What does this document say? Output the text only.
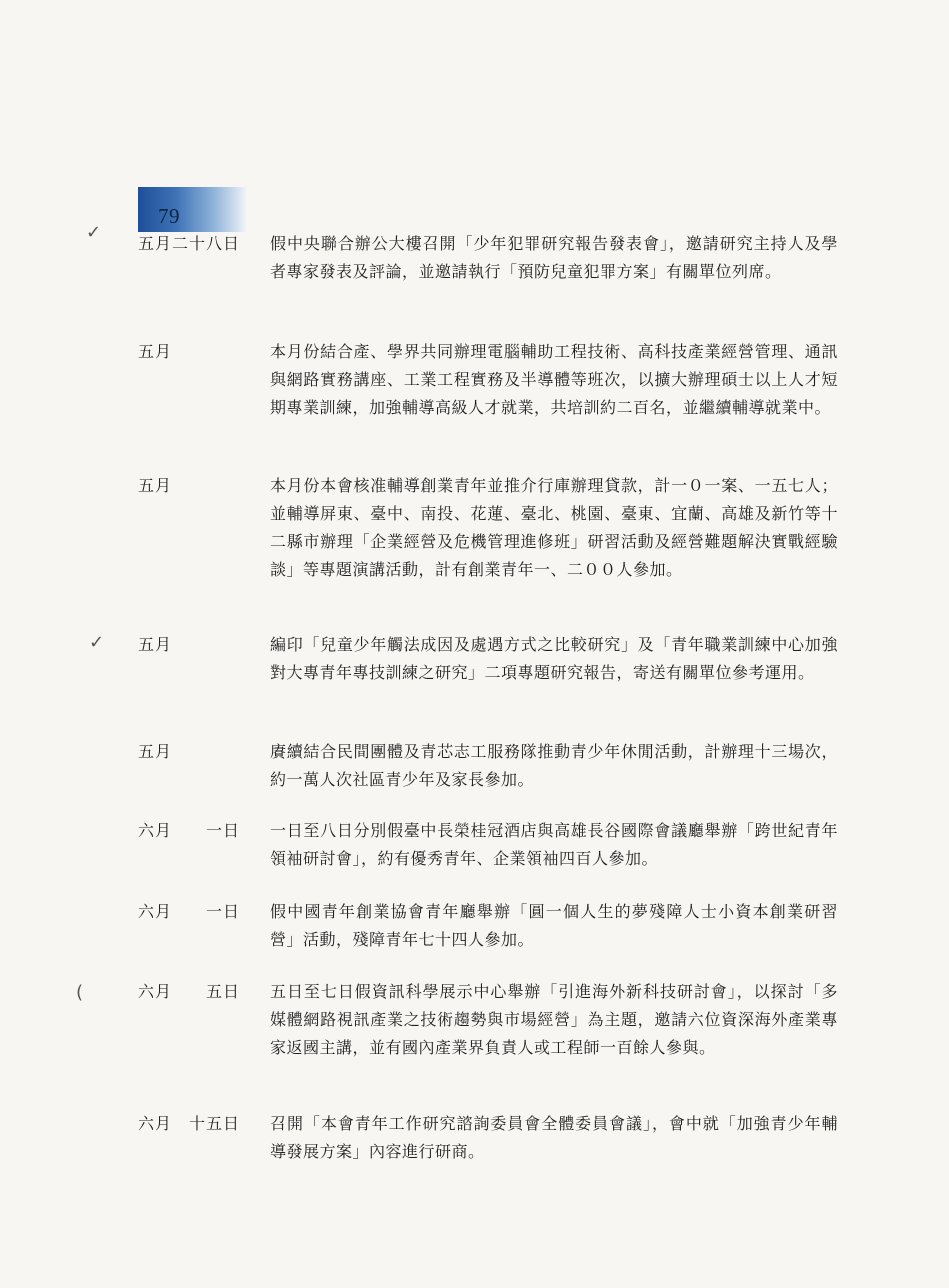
79
✓
✓
(
五月二十八日 假中央聯合辦公大樓召開「少年犯罪研究報告發表會」，邀請研究主持人及學者專家發表及評論，並邀請執行「預防兒童犯罪方案」有關單位列席。
五月	本月份結合產、學界共同辦理電腦輔助工程技術、高科技產業經營管理、通訊與網路實務講座、工業工程實務及半導體等班次，以擴大辦理碩士以上人才短期專業訓練，加強輔導高級人才就業，共培訓約二百名，並繼續輔導就業中。
五月	本月份本會核准輔導創業青年並推介行庫辦理貸款，計一０一案、一五七人；並輔導屏東、臺中、南投、花蓮、臺北、桃園、臺東、宜蘭、高雄及新竹等十二縣市辦理「企業經營及危機管理進修班」研習活動及經營難題解決實戰經驗談」等專題演講活動，計有創業青年一、二００人參加。
五月	編印「兒童少年觸法成因及處遇方式之比較研究」及「青年職業訓練中心加強對大專青年專技訓練之研究」二項專題研究報告，寄送有關單位參考運用。
五月	賡續結合民間團體及青芯志工服務隊推動青少年休閒活動，計辦理十三場次，約一萬人次社區青少年及家長參加。
六月　　一日 一日至八日分別假臺中長榮桂冠酒店與高雄長谷國際會議廳舉辦「跨世紀青年領袖研討會」，約有優秀青年、企業領袖四百人參加。
六月　　一日 假中國青年創業協會青年廳舉辦「圓一個人生的夢殘障人士小資本創業研習營」活動，殘障青年七十四人參加。
六月　　五日 五日至七日假資訊科學展示中心舉辦「引進海外新科技研討會」，以探討「多媒體網路視訊產業之技術趨勢與市場經營」為主題，邀請六位資深海外產業專家返國主講，並有國內產業界負責人或工程師一百餘人參與。
六月　十五日 召開「本會青年工作研究諮詢委員會全體委員會議」，會中就「加強青少年輔導發展方案」內容進行研商。
